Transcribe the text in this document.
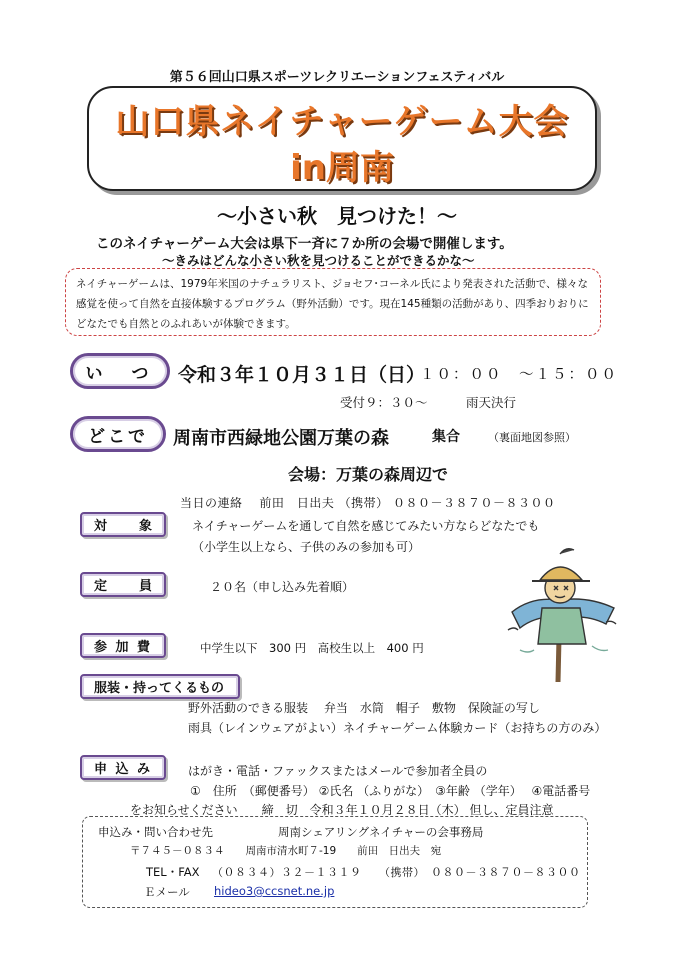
第５６回山口県スポーツレクリエーションフェスティバル
山口県ネイチャーゲーム大会
in周南
～小さい秋　見つけた！～
このネイチャーゲーム大会は県下一斉に７か所の会場で開催します。
～きみはどんな小さい秋を見つけることができるかな～
ネイチャーゲームは、1979年米国のナチュラリスト、ジョセフ･コーネル氏により発表された活動で、様々な
感覚を使って自然を直接体験するプログラム（野外活動）です。現在145種類の活動があり、四季おりおりに
どなたでも自然とのふれあいが体験できます。
い　つ	令和３年１０月３１日（日）
１０：００　～１５：００
受付９：３０～	雨天決行
どこで	周南市西緑地公園万葉の森	集合	（裏面地図参照）
会場：万葉の森周辺で
当日の連絡　 前田　日出夫 （携帯） ０８０－３８７０－８３００
対　　象	ネイチャーゲームを通して自然を感じてみたい方ならどなたでも
（小学生以上なら、子供のみの参加も可）
定　　員	２０名（申し込み先着順）
参 加 費	中学生以下　300 円　高校生以上　400 円
服装・持ってくるもの
野外活動のできる服装　 弁当　水筒　帽子　敷物　保険証の写し
雨具（レインウェアがよい）ネイチャーゲーム体験カード（お持ちの方のみ）
申 込 み	はがき・電話・ファックスまたはメールで参加者全員の
①　住所　（郵便番号） ②氏名 （ふりがな）　③年齢 （学年）　 ④電話番号
をお知らせください　　締　切　令和３年１０月２８日（木） 但し、定員注意
申込み・問い合わせ先	周南シェアリングネイチャーの会事務局
〒７４５－０８３４　　周南市清水町７-19　　前田　日出夫　宛
TEL・FAX （０８３４）３２－１３１９　　（携帯）　０８０－３８７０－８３００
Ｅメール hideo3@ccsnet.ne.jp
